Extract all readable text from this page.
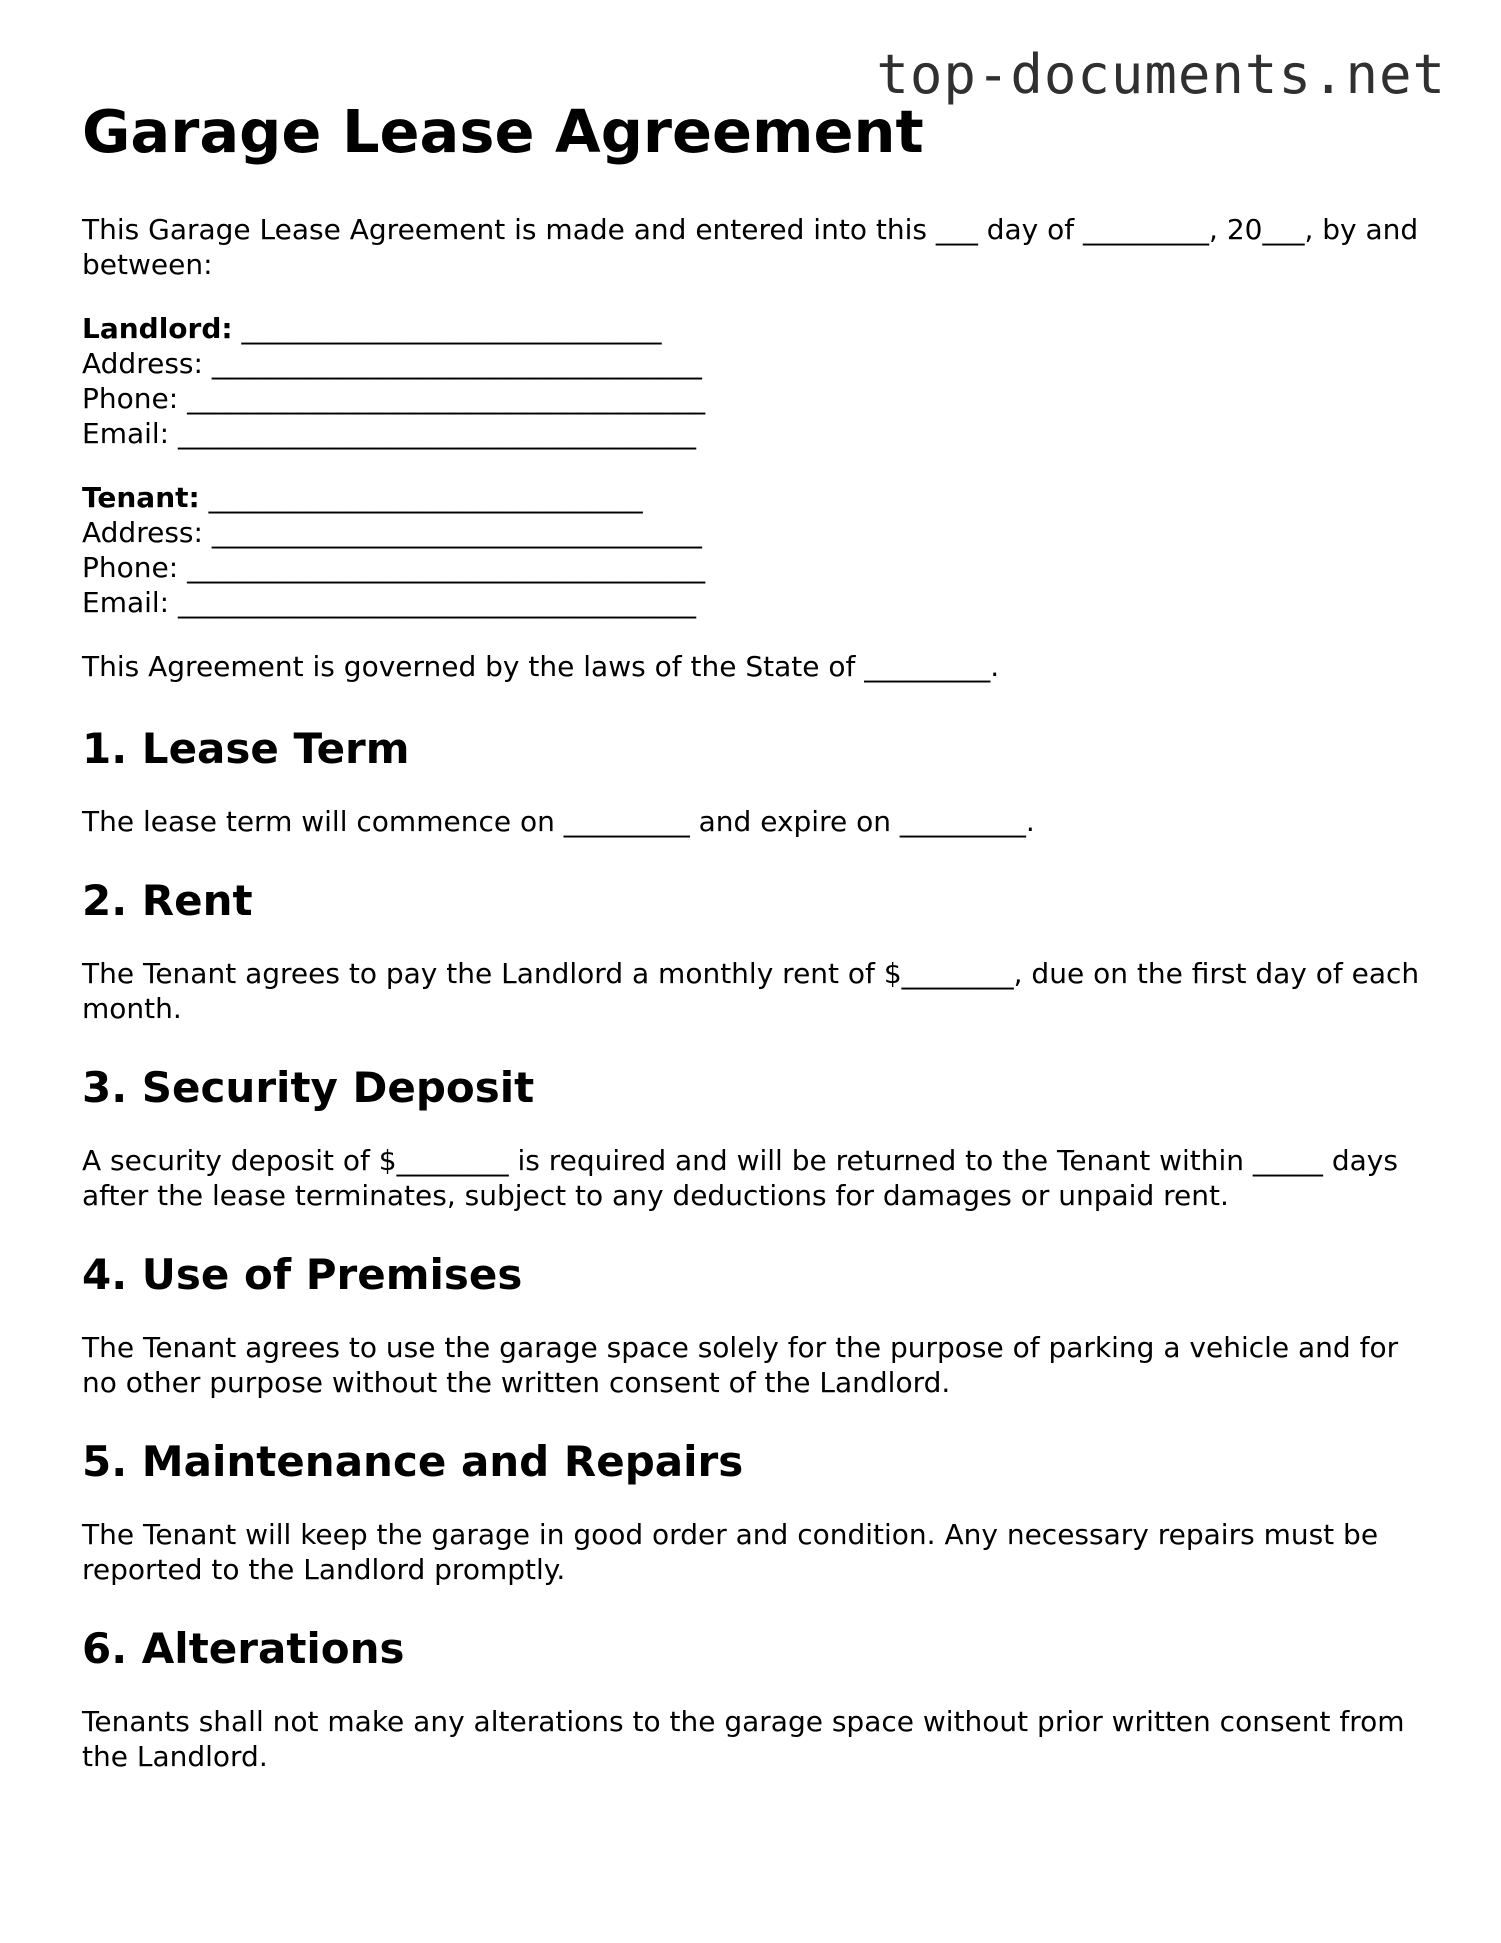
top-documents.net
Garage Lease Agreement

This Garage Lease Agreement is made and entered into this ___ day of _________, 20___, by and between:

Landlord: ______________________________
Address: ___________________________________
Phone: _____________________________________
Email: _____________________________________
Tenant: _______________________________
Address: ___________________________________
Phone: _____________________________________
Email: _____________________________________

This Agreement is governed by the laws of the State of _________.

1. Lease Term

The lease term will commence on _________ and expire on _________.

2. Rent

The Tenant agrees to pay the Landlord a monthly rent of $________, due on the first day of each month.

3. Security Deposit

A security deposit of $________ is required and will be returned to the Tenant within _____ days after the lease terminates, subject to any deductions for damages or unpaid rent.

4. Use of Premises

The Tenant agrees to use the garage space solely for the purpose of parking a vehicle and for no other purpose without the written consent of the Landlord.

5. Maintenance and Repairs

The Tenant will keep the garage in good order and condition. Any necessary repairs must be reported to the Landlord promptly.

6. Alterations

Tenants shall not make any alterations to the garage space without prior written consent from the Landlord.
